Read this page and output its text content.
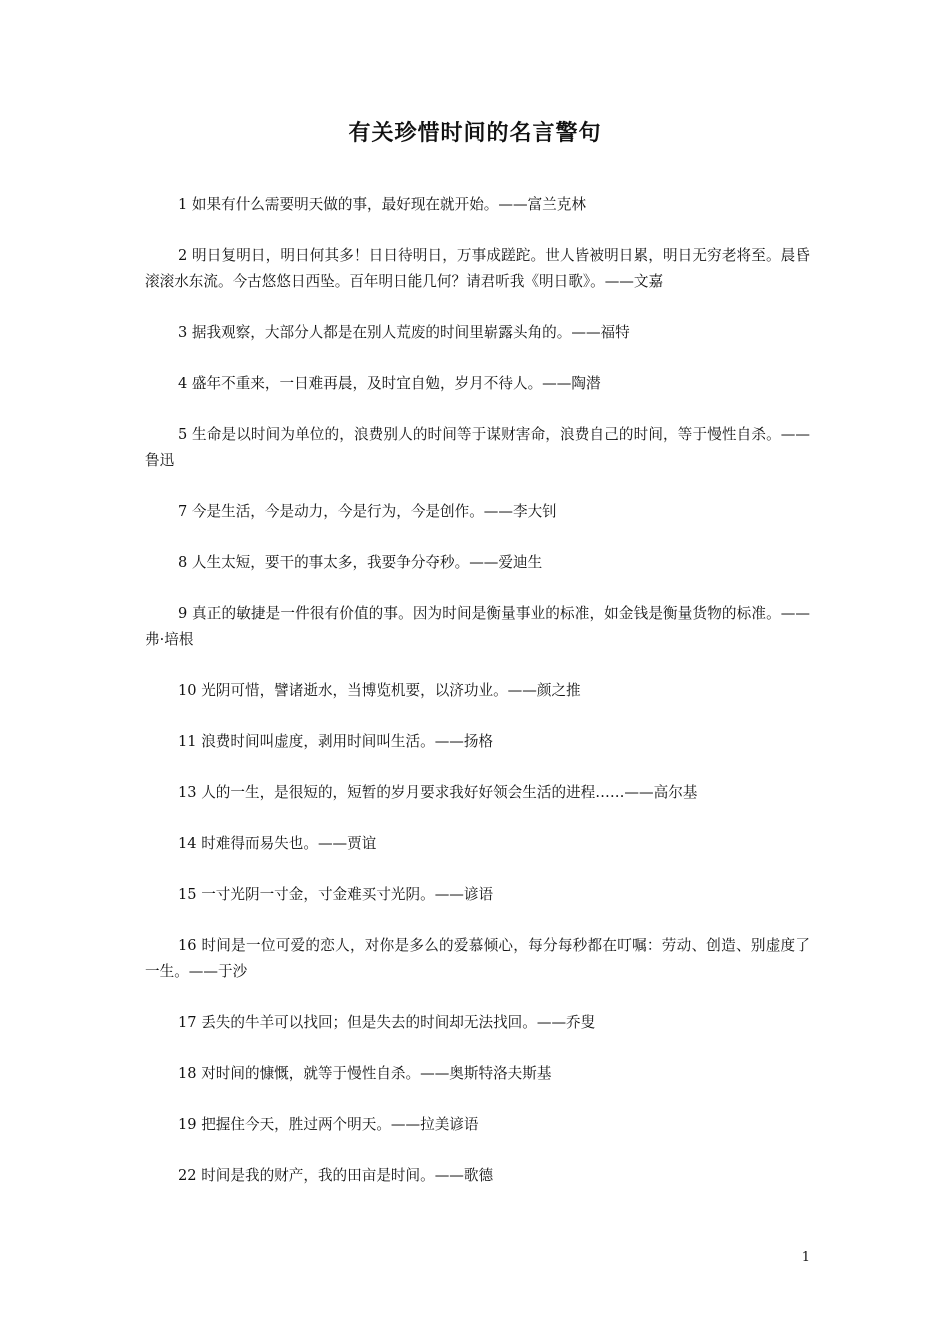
有关珍惜时间的名言警句

1 如果有什么需要明天做的事，最好现在就开始。——富兰克林

2 明日复明日，明日何其多！日日待明日，万事成蹉跎。世人皆被明日累，明日无穷老将至。晨昏滚滚水东流。今古悠悠日西坠。百年明日能几何？请君听我《明日歌》。——文嘉

3 据我观察，大部分人都是在别人荒废的时间里崭露头角的。——福特

4 盛年不重来，一日难再晨，及时宜自勉，岁月不待人。——陶潜

5 生命是以时间为单位的，浪费别人的时间等于谋财害命，浪费自己的时间，等于慢性自杀。——鲁迅

7 今是生活，今是动力，今是行为，今是创作。——李大钊

8 人生太短，要干的事太多，我要争分夺秒。——爱迪生

9 真正的敏捷是一件很有价值的事。因为时间是衡量事业的标准，如金钱是衡量货物的标准。——弗·培根

10 光阴可惜，譬诸逝水，当博览机要，以济功业。——颜之推

11 浪费时间叫虚度，剥用时间叫生活。——扬格

13 人的一生，是很短的，短暂的岁月要求我好好领会生活的进程……——高尔基

14 时难得而易失也。——贾谊

15 一寸光阴一寸金，寸金难买寸光阴。——谚语

16 时间是一位可爱的恋人，对你是多么的爱慕倾心，每分每秒都在叮嘱：劳动、创造、别虚度了一生。——于沙

17 丢失的牛羊可以找回；但是失去的时间却无法找回。——乔叟

18 对时间的慷慨，就等于慢性自杀。——奥斯特洛夫斯基

19 把握住今天，胜过两个明天。——拉美谚语

22 时间是我的财产，我的田亩是时间。——歌德

1
